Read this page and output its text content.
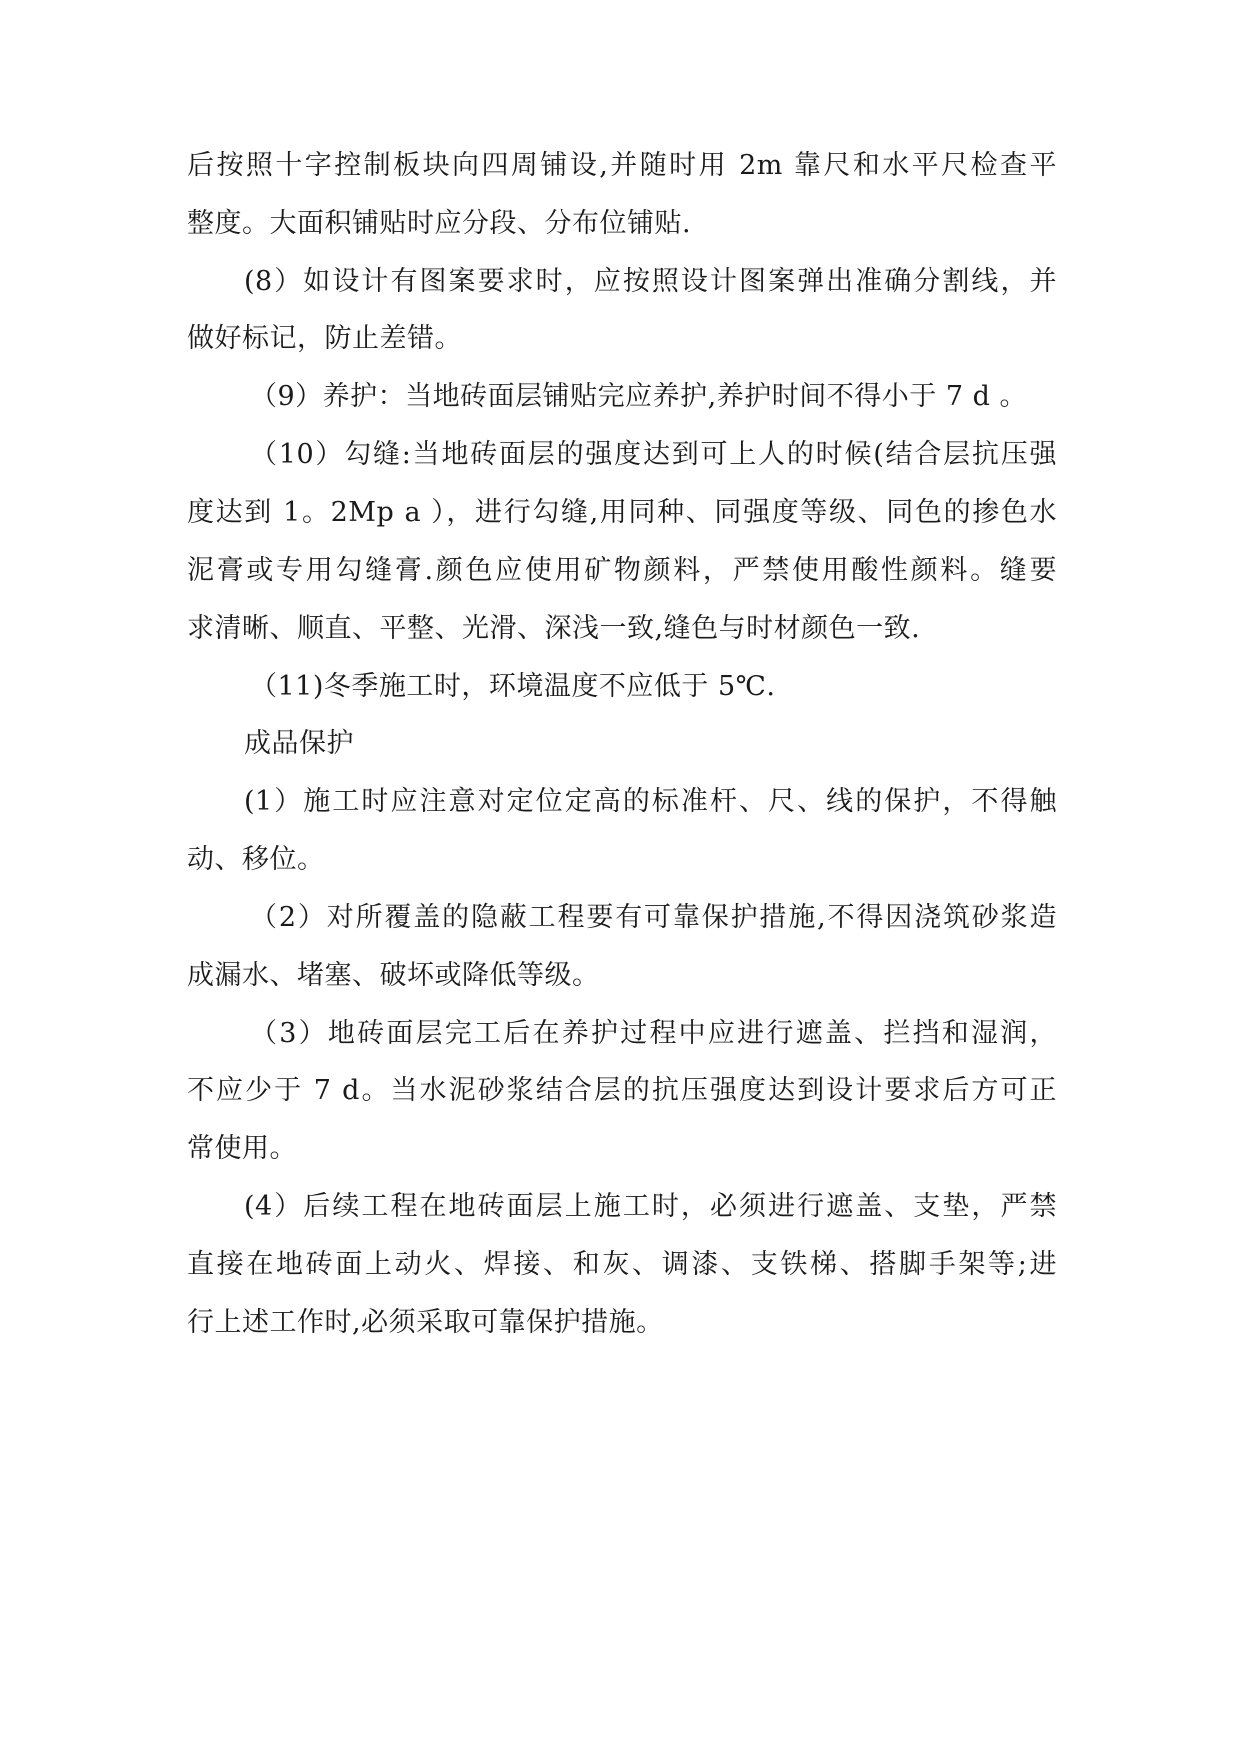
后按照十字控制板块向四周铺设,并随时用 2m 靠尺和水平尺检查平
整度。大面积铺贴时应分段、分布位铺贴.
(8）如设计有图案要求时，应按照设计图案弹出准确分割线，并
做好标记，防止差错。
（9）养护：当地砖面层铺贴完应养护,养护时间不得小于 7 d 。
（10）勾缝:当地砖面层的强度达到可上人的时候(结合层抗压强
度达到 1。2Mp a ），进行勾缝,用同种、同强度等级、同色的掺色水
泥膏或专用勾缝膏.颜色应使用矿物颜料，严禁使用酸性颜料。缝要
求清晰、顺直、平整、光滑、深浅一致,缝色与时材颜色一致.
（11)冬季施工时，环境温度不应低于 5℃.
成品保护
(1）施工时应注意对定位定高的标准杆、尺、线的保护，不得触
动、移位。
（2）对所覆盖的隐蔽工程要有可靠保护措施,不得因浇筑砂浆造
成漏水、堵塞、破坏或降低等级。
（3）地砖面层完工后在养护过程中应进行遮盖、拦挡和湿润，
不应少于 7 d。当水泥砂浆结合层的抗压强度达到设计要求后方可正
常使用。
(4）后续工程在地砖面层上施工时，必须进行遮盖、支垫，严禁
直接在地砖面上动火、焊接、和灰、调漆、支铁梯、搭脚手架等;进
行上述工作时,必须采取可靠保护措施。
